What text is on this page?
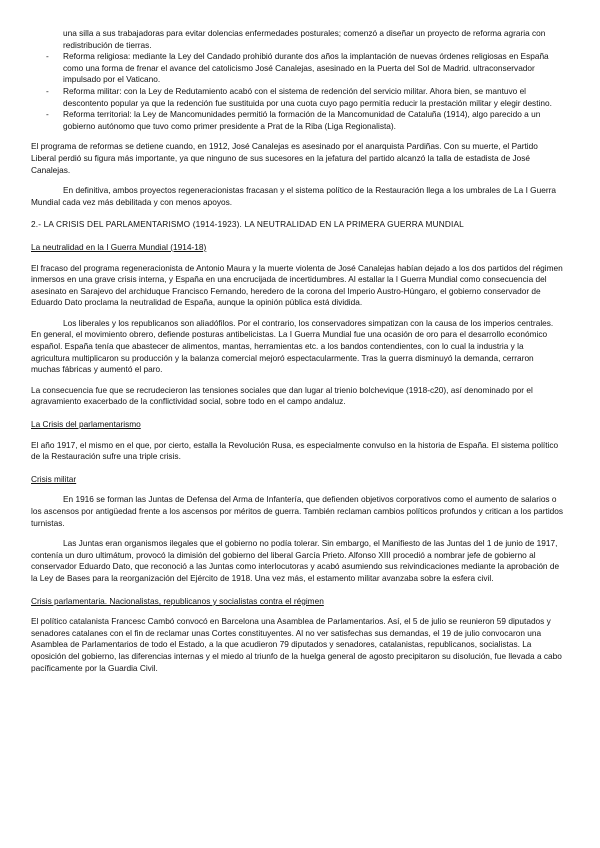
una silla a sus trabajadoras para evitar dolencias enfermedades posturales; comenzó a diseñar un proyecto de reforma agraria con redistribución de tierras.

- Reforma religiosa: mediante la Ley del Candado prohibió durante dos años la implantación de nuevas órdenes religiosas en España como una forma de frenar el avance del catolicismo José Canalejas, asesinado en la Puerta del Sol de Madrid. ultraconservador impulsado por el Vaticano.
- Reforma militar: con la Ley de Redutamiento acabó con el sistema de redención del servicio militar. Ahora bien, se mantuvo el descontento popular ya que la redención fue sustituida por una cuota cuyo pago permitía reducir la prestación militar y elegir destino.
- Reforma territorial: la Ley de Mancomunidades permitió la formación de la Mancomunidad de Cataluña (1914), algo parecido a un gobierno autónomo que tuvo como primer presidente a Prat de la Riba (Liga Regionalista).

El programa de reformas se detiene cuando, en 1912, José Canalejas es asesinado por el anarquista Pardiñas. Con su muerte, el Partido Liberal perdió su figura más importante, ya que ninguno de sus sucesores en la jefatura del partido alcanzó la talla de estadista de José Canalejas.

En definitiva, ambos proyectos regeneracionistas fracasan y el sistema político de la Restauración llega a los umbrales de La I Guerra Mundial cada vez más debilitada y con menos apoyos.

2.- LA CRISIS DEL PARLAMENTARISMO (1914-1923). LA NEUTRALIDAD EN LA PRIMERA GUERRA MUNDIAL

La neutralidad en la I Guerra Mundial (1914-18)

El fracaso del programa regeneracionista de Antonio Maura y la muerte violenta de José Canalejas habían dejado a los dos partidos del régimen inmersos en una grave crisis interna, y España en una encrucijada de incertidumbres. Al estallar la I Guerra Mundial como consecuencia del asesinato en Sarajevo del archiduque Francisco Fernando, heredero de la corona del Imperio Austro-Húngaro, el gobierno conservador de Eduardo Dato proclama la neutralidad de España, aunque la opinión pública está dividida.

Los liberales y los republicanos son aliadófilos. Por el contrario, los conservadores simpatizan con la causa de los imperios centrales. En general, el movimiento obrero, defiende posturas antibelicistas. La I Guerra Mundial fue una ocasión de oro para el desarrollo económico español. España tenía que abastecer de alimentos, mantas, herramientas etc. a los bandos contendientes, con lo cual la industria y la agricultura multiplicaron su producción y la balanza comercial mejoró espectacularmente. Tras la guerra disminuyó la demanda, cerraron muchas fábricas y aumentó el paro.

La consecuencia fue que se recrudecieron las tensiones sociales que dan lugar al trienio bolchevique (1918-c20), así denominado por el agravamiento exacerbado de la conflictividad social, sobre todo en el campo andaluz.

La Crisis del parlamentarismo

El año 1917, el mismo en el que, por cierto, estalla la Revolución Rusa, es especialmente convulso en la historia de España. El sistema político de la Restauración sufre una triple crisis.

Crisis militar

En 1916 se forman las Juntas de Defensa del Arma de Infantería, que defienden objetivos corporativos como el aumento de salarios o los ascensos por antigüedad frente a los ascensos por méritos de guerra. También reclaman cambios políticos profundos y critican a los partidos turnistas.

Las Juntas eran organismos ilegales que el gobierno no podía tolerar. Sin embargo, el Manifiesto de las Juntas del 1 de junio de 1917, contenía un duro ultimátum, provocó la dimisión del gobierno del liberal García Prieto. Alfonso XIII procedió a nombrar jefe de gobierno al conservador Eduardo Dato, que reconoció a las Juntas como interlocutoras y acabó asumiendo sus reivindicaciones mediante la aprobación de la Ley de Bases para la reorganización del Ejército de 1918. Una vez más, el estamento militar avanzaba sobre la esfera civil.

Crisis parlamentaria. Nacionalistas, republicanos y socialistas contra el régimen

El político catalanista Francesc Cambó convocó en Barcelona una Asamblea de Parlamentarios. Así, el 5 de julio se reunieron 59 diputados y senadores catalanes con el fin de reclamar unas Cortes constituyentes. Al no ver satisfechas sus demandas, el 19 de julio convocaron una Asamblea de Parlamentarios de todo el Estado, a la que acudieron 79 diputados y senadores, catalanistas, republicanos, socialistas. La oposición del gobierno, las diferencias internas y el miedo al triunfo de la huelga general de agosto precipitaron su disolución, fue llevada a cabo pacíficamente por la Guardia Civil.
